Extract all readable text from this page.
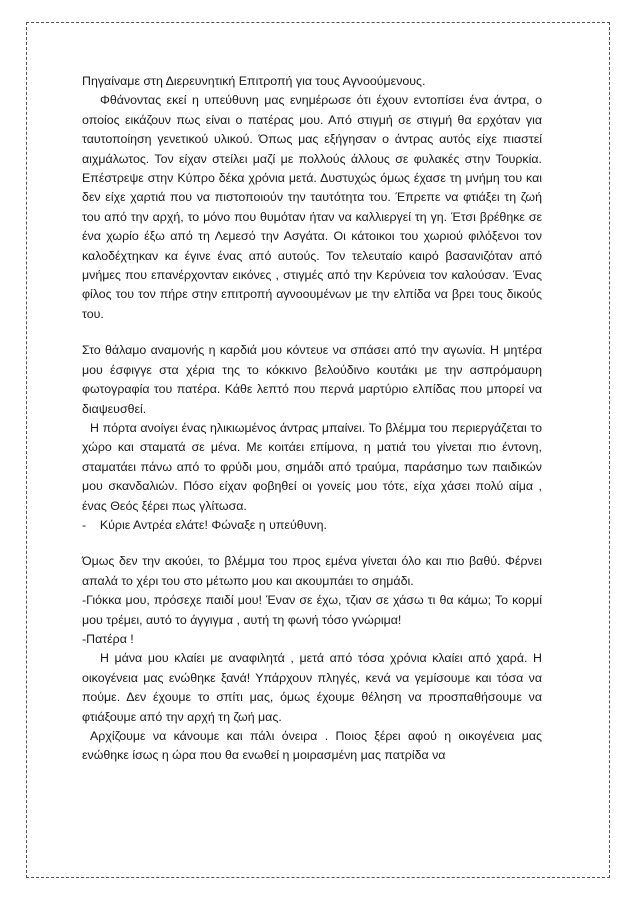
Πηγαίναμε στη Διερευνητική Επιτροπή για τους Αγνοούμενους.

Φθάνοντας εκεί η υπεύθυνη μας ενημέρωσε ότι έχουν εντοπίσει ένα άντρα, ο οποίος εικάζουν πως είναι ο πατέρας μου. Από στιγμή σε στιγμή θα ερχόταν για ταυτοποίηση γενετικού υλικού. Όπως μας εξήγησαν ο άντρας αυτός είχε πιαστεί αιχμάλωτος. Τον είχαν στείλει μαζί με πολλούς άλλους σε φυλακές στην Τουρκία. Επέστρεψε στην Κύπρο δέκα χρόνια μετά. Δυστυχώς όμως έχασε τη μνήμη του και δεν είχε χαρτιά που να πιστοποιούν την ταυτότητα του. Έπρεπε να φτιάξει τη ζωή του από την αρχή, το μόνο που θυμόταν ήταν να καλλιεργεί τη γη. Έτσι βρέθηκε σε ένα χωρίο έξω από τη Λεμεσό την Ασγάτα. Οι κάτοικοι του χωριού φιλόξενοι τον καλοδέχτηκαν κα έγινε ένας από αυτούς. Τον τελευταίο καιρό βασανιζόταν από μνήμες που επανέρχονταν εικόνες , στιγμές από την Κερύνεια τον καλούσαν. Ένας φίλος του τον πήρε στην επιτροπή αγνοουμένων με την ελπίδα να βρει τους δικούς του.

Στο θάλαμο αναμονής η καρδιά μου κόντευε να σπάσει από την αγωνία. Η μητέρα μου έσφιγγε στα χέρια της το κόκκινο βελούδινο κουτάκι με την ασπρόμαυρη φωτογραφία του πατέρα. Κάθε λεπτό που περνά μαρτύριο ελπίδας που μπορεί να διαψευσθεί.

Η πόρτα ανοίγει ένας ηλικιωμένος άντρας μπαίνει. Το βλέμμα του περιεργάζεται το χώρο και σταματά σε μένα. Με κοιτάει επίμονα, η ματιά του γίνεται πιο έντονη, σταματάει πάνω από το φρύδι μου, σημάδι από τραύμα, παράσημο των παιδικών μου σκανδαλιών. Πόσο είχαν φοβηθεί οι γονείς μου τότε, είχα χάσει πολύ αίμα , ένας Θεός ξέρει πως γλίτωσα.

-    Κύριε Αντρέα ελάτε! Φώναξε η υπεύθυνη.

Όμως δεν την ακούει, το βλέμμα του προς εμένα γίνεται όλο και πιο βαθύ. Φέρνει απαλά το χέρι του στο μέτωπο μου και ακουμπάει το σημάδι.

-Γιόκκα μου, πρόσεχε παιδί μου! Έναν σε έχω, τζιαν σε χάσω τι θα κάμω; Το κορμί μου τρέμει, αυτό το άγγιγμα , αυτή τη φωνή τόσο γνώριμα!

-Πατέρα !

Η μάνα μου κλαίει με αναφιλητά , μετά από τόσα χρόνια κλαίει από χαρά. Η οικογένεια μας ενώθηκε ξανά! Υπάρχουν πληγές, κενά να γεμίσουμε και τόσα να πούμε. Δεν έχουμε το σπίτι μας, όμως έχουμε θέληση να προσπαθήσουμε να φτιάξουμε από την αρχή τη ζωή μας.

Αρχίζουμε να κάνουμε και πάλι όνειρα . Ποιος ξέρει αφού η οικογένεια μας ενώθηκε ίσως η ώρα που θα ενωθεί η μοιρασμένη μας πατρίδα να
